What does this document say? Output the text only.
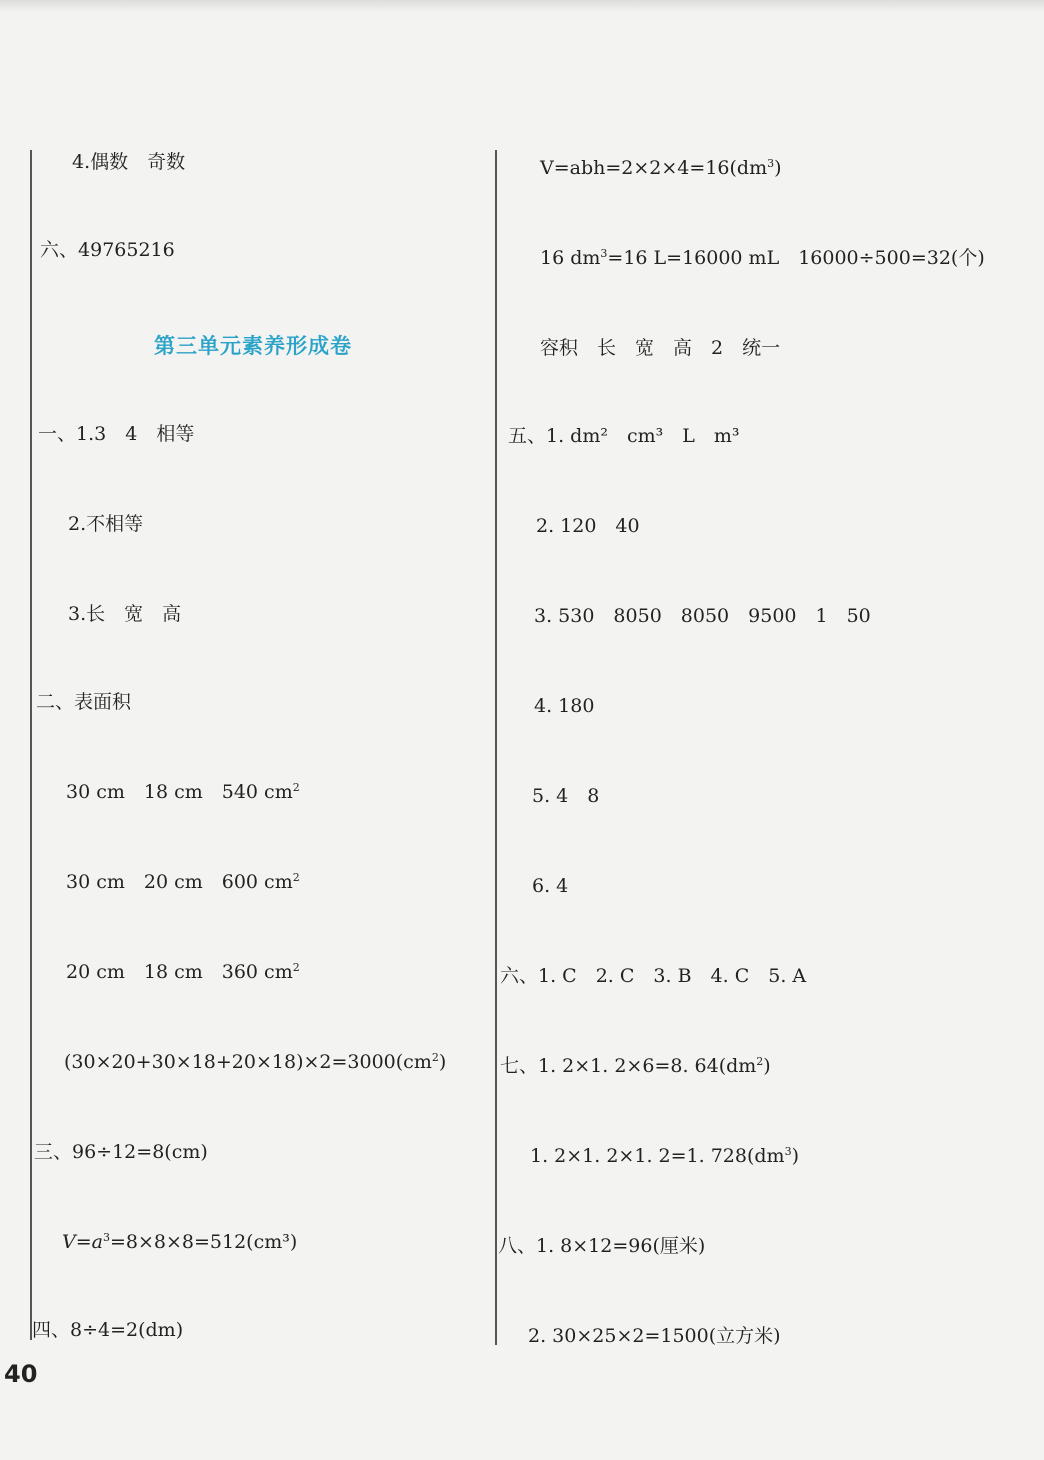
4.偶数　奇数
六、49765216
第三单元素养形成卷
一、1.3　4　相等
2.不相等
3.长　宽　高
二、表面积
30 cm　18 cm　540 $cm^2$
30 cm　20 cm　600 $cm^2$
20 cm　18 cm　360 $cm^2$
$(30\times 20+30\times 18+20\times 18)\times 2=3000(cm^2)$
三、96÷12=8(cm)
$V=a^3=8\times 8\times 8=512(cm^3)$
四、8÷4=2(dm)
$V=abh=2\times 2\times 4=16(dm^3)$
16 $dm^3=16$ L=16000 mL　16000÷500=32(个)
容积　长　宽　高　2　统一
五、1. dm²　cm³　L　m³
2. 120　40
3. 530　8050　8050　9500　1　50
4. 180
5. 4　8
6. 4
六、1. C　2. C　3. B　4. C　5. A
七、1. 2×1. 2×6=8. $64(dm^2)$
1. 2×1. 2×1. 2=1. $728(dm^3)$
八、1. 8×12=96(厘米)
2. 30×25×2=1500(立方米)
40
